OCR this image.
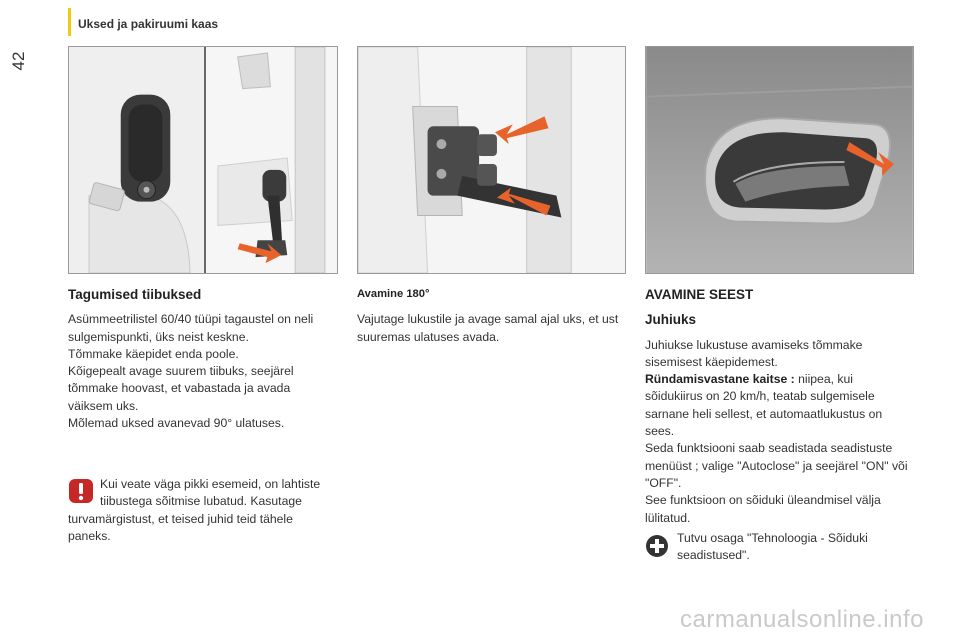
42
Uksed ja pakiruumi kaas
Tagumised tiibuksed

Asümmeetrilistel 60/40 tüüpi tagaustel on neli sulgemispunkti, üks neist keskne.

Tõmmake käepidet enda poole.

Kõigepealt avage suurem tiibuks, seejärel tõmmake hoovast, et vabastada ja avada väiksem uks.

Mõlemad uksed avanevad 90° ulatuses.

Kui veate väga pikki esemeid, on lahtiste tiibustega sõitmise lubatud. Kasutage turvamärgistust, et teised juhid teid tähele paneks.
Avamine 180°

Vajutage lukustile ja avage samal ajal uks, et ust suuremas ulatuses avada.

AVAMINE SEEST
Juhiuks

Juhiukse lukustuse avamiseks tõmmake sisemisest käepidemest.

Ründamisvastane kaitse : niipea, kui sõidukiirus on 20 km/h, teatab sulgemisele sarnane heli sellest, et automaatlukustus on sees.

Seda funktsiooni saab seadistada seadistuste menüüst ; valige "Autoclose" ja seejärel "ON" või "OFF".

See funktsioon on sõiduki üleandmisel välja lülitatud.

Tutvu osaga "Tehnoloogia - Sõiduki seadistused".
carmanualsonline.info
